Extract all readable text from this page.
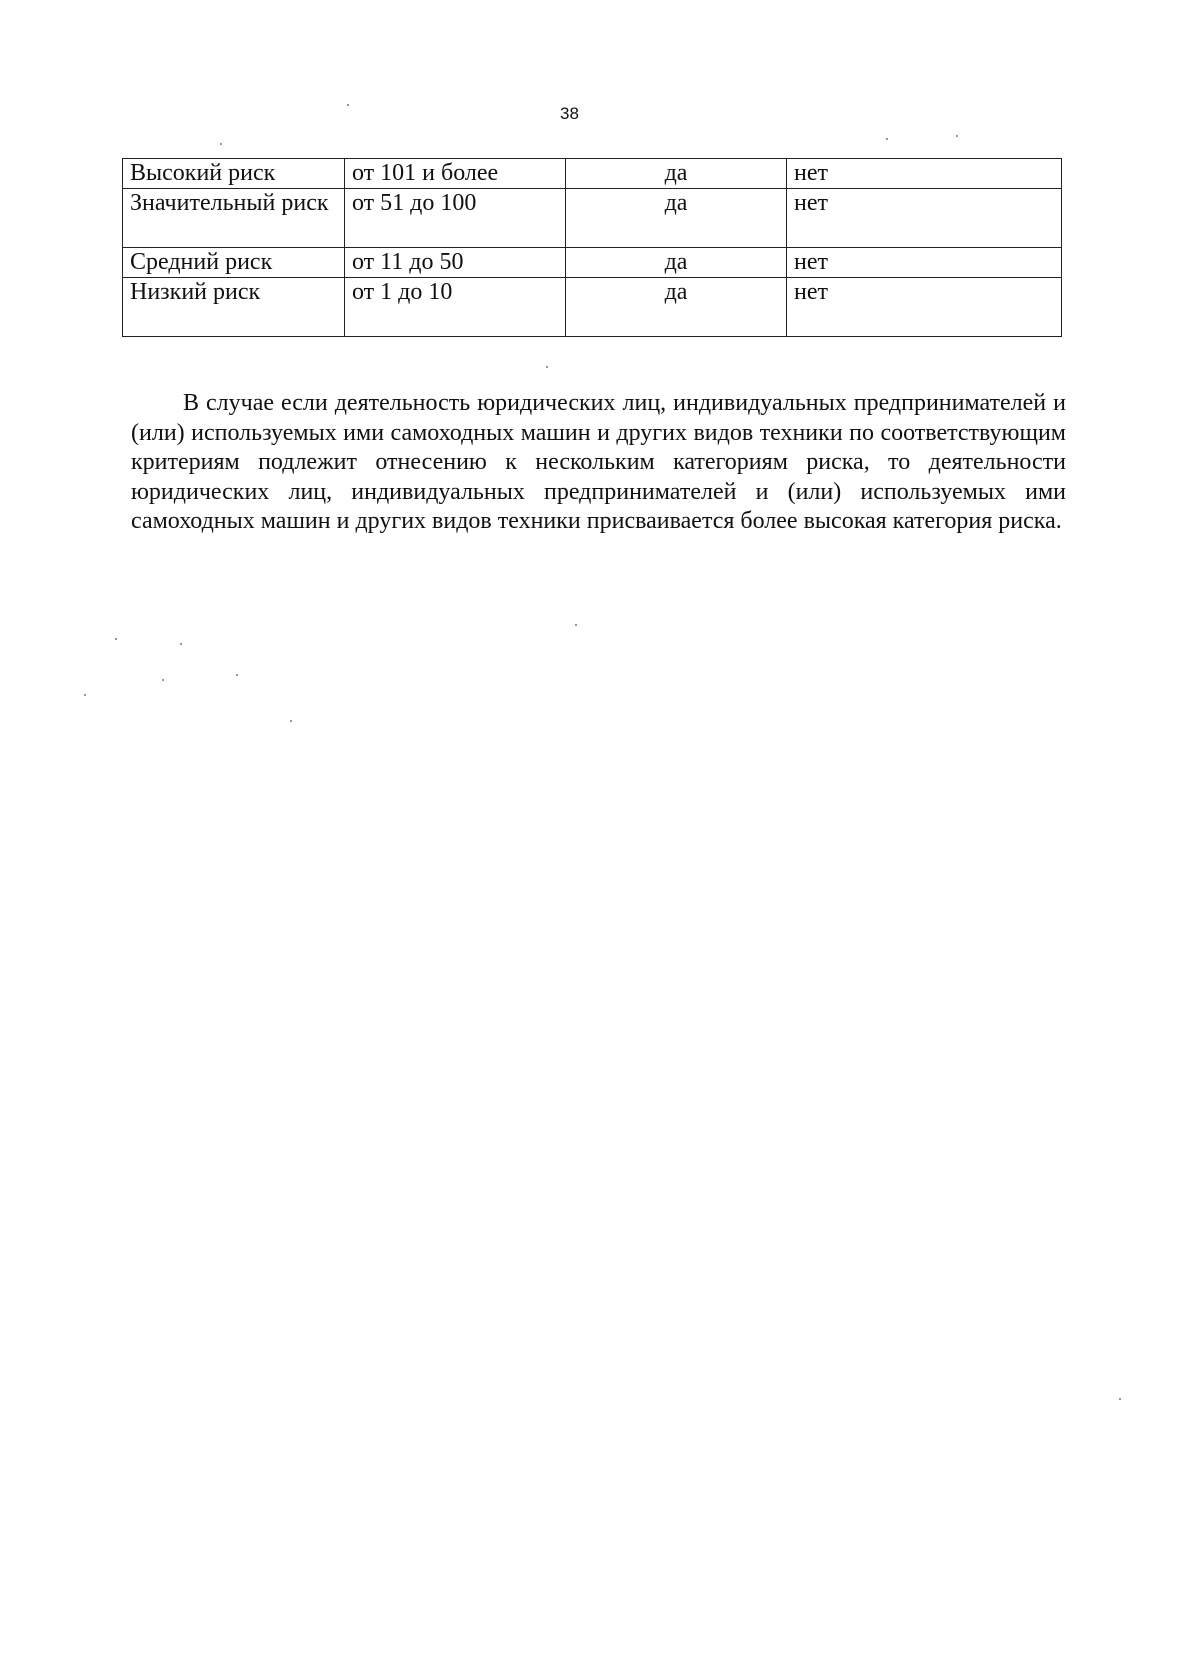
38
Высокий риск	от 101 и более	да	нет
Значительный риск	от 51 до 100	да	нет
Средний риск	от 11 до 50	да	нет
Низкий риск	от 1 до 10	да	нет

В случае если деятельность юридических лиц, индивидуальных предпринимателей и (или) используемых ими самоходных машин и других видов техники по соответствующим критериям подлежит отнесению к нескольким категориям риска, то деятельности юридических лиц, индивидуальных предпринимателей и (или) используемых ими самоходных машин и других видов техники присваивается более высокая категория риска.
